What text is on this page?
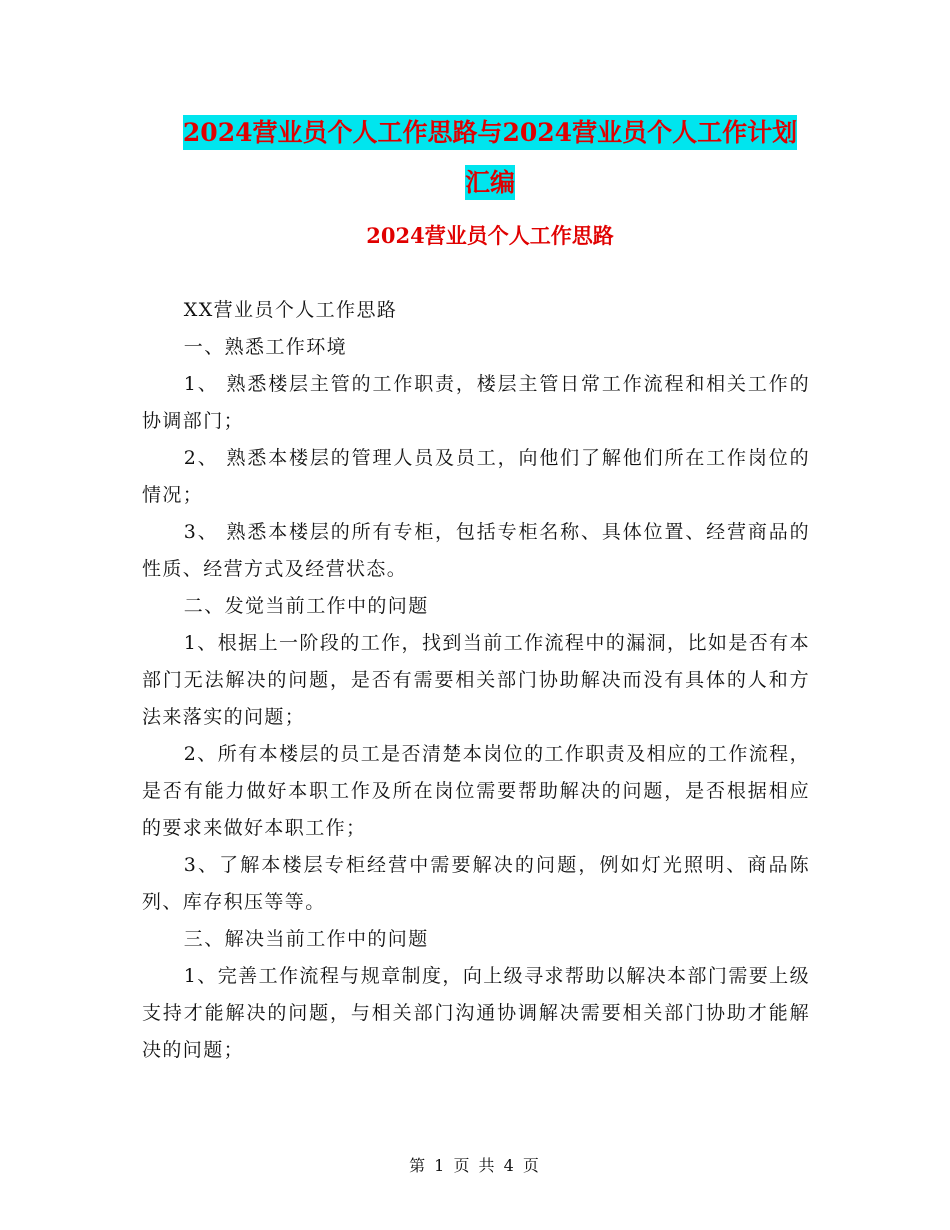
2024营业员个人工作思路与2024营业员个人工作计划
汇编
2024营业员个人工作思路

XX营业员个人工作思路

一、熟悉工作环境

1、 熟悉楼层主管的工作职责，楼层主管日常工作流程和相关工作的协调部门；

2、 熟悉本楼层的管理人员及员工，向他们了解他们所在工作岗位的情况；

3、 熟悉本楼层的所有专柜，包括专柜名称、具体位置、经营商品的性质、经营方式及经营状态。

二、发觉当前工作中的问题

1、根据上一阶段的工作，找到当前工作流程中的漏洞，比如是否有本部门无法解决的问题，是否有需要相关部门协助解决而没有具体的人和方法来落实的问题；

2、所有本楼层的员工是否清楚本岗位的工作职责及相应的工作流程，是否有能力做好本职工作及所在岗位需要帮助解决的问题，是否根据相应的要求来做好本职工作；

3、了解本楼层专柜经营中需要解决的问题，例如灯光照明、商品陈列、库存积压等等。

三、解决当前工作中的问题

1、完善工作流程与规章制度，向上级寻求帮助以解决本部门需要上级支持才能解决的问题，与相关部门沟通协调解决需要相关部门协助才能解决的问题；

第 1 页 共 4 页
